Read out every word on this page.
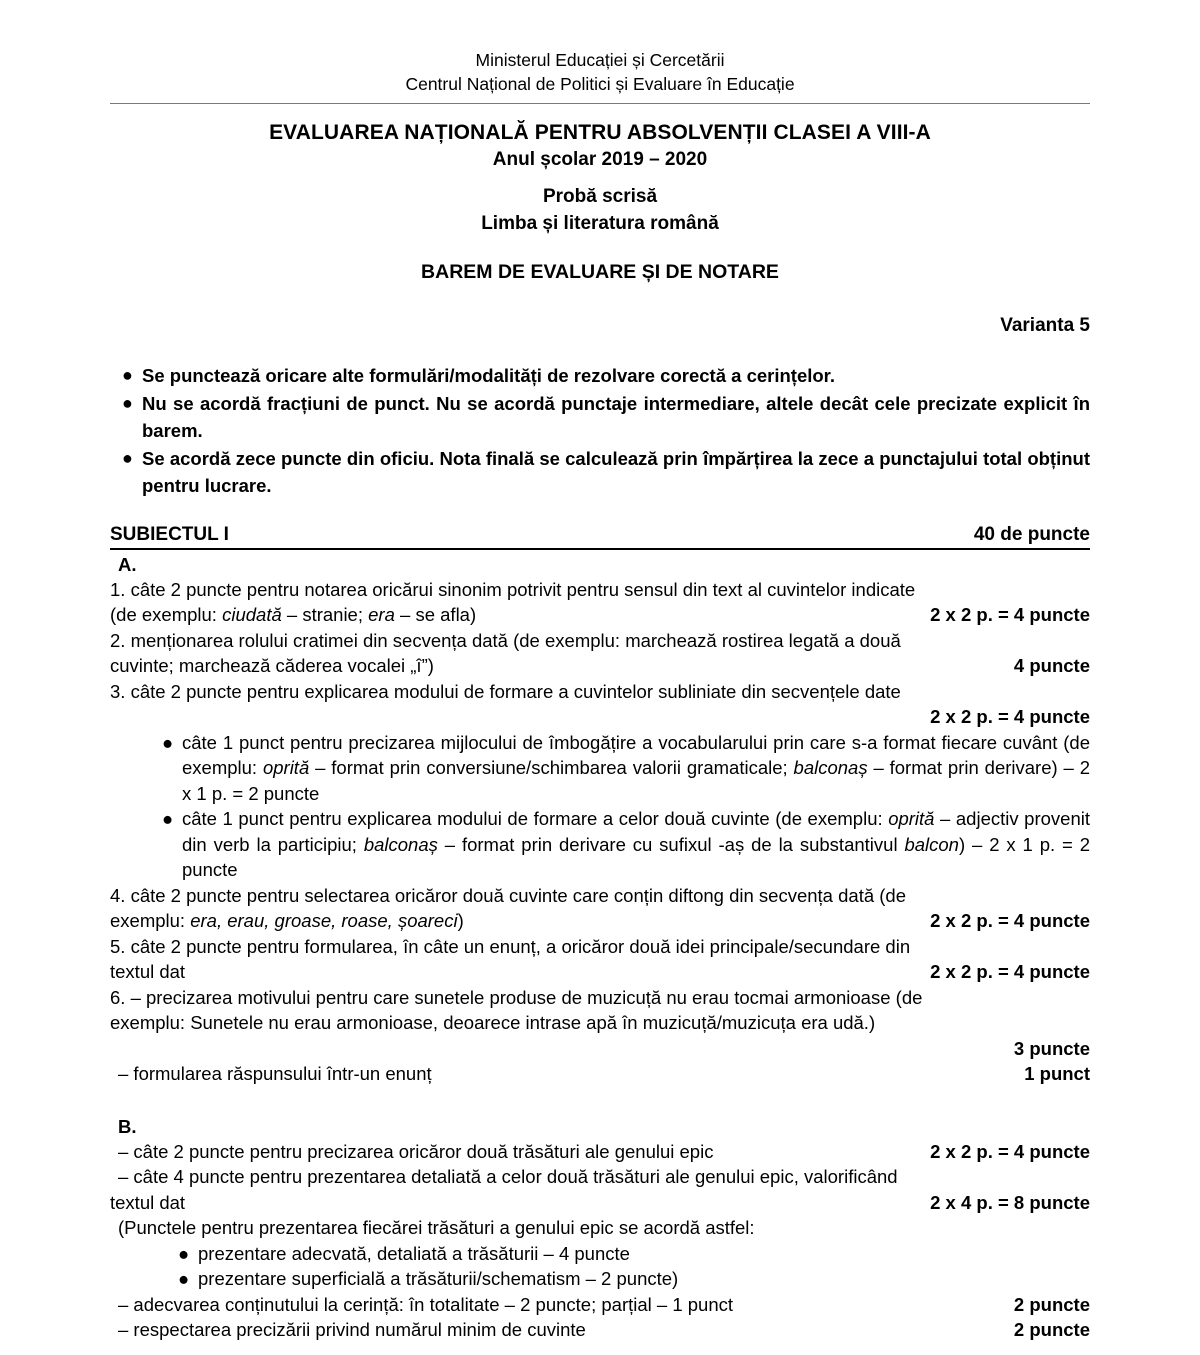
Ministerul Educației și Cercetării
Centrul Național de Politici și Evaluare în Educație
EVALUAREA NAȚIONALĂ PENTRU ABSOLVENȚII CLASEI A VIII-A
Anul școlar 2019 – 2020
Probă scrisă
Limba și literatura română
BAREM DE EVALUARE ȘI DE NOTARE
Varianta 5
● Se punctează oricare alte formulări/modalități de rezolvare corectă a cerințelor.
● Nu se acordă fracțiuni de punct. Nu se acordă punctaje intermediare, altele decât cele precizate explicit în barem.
● Se acordă zece puncte din oficiu. Nota finală se calculează prin împărțirea la zece a punctajului total obținut pentru lucrare.
SUBIECTUL I	40 de puncte
A.
1. câte 2 puncte pentru notarea oricărui sinonim potrivit pentru sensul din text al cuvintelor indicate
(de exemplu: ciudată – stranie; era – se afla)	2 x 2 p. = 4 puncte
2. menționarea rolului cratimei din secvența dată (de exemplu: marchează rostirea legată a două
cuvinte; marchează căderea vocalei „î”)	4 puncte
3. câte 2 puncte pentru explicarea modului de formare a cuvintelor subliniate din secvențele date
2 x 2 p. = 4 puncte
● câte 1 punct pentru precizarea mijlocului de îmbogățire a vocabularului prin care s-a format fiecare cuvânt (de exemplu: oprită – format prin conversiune/schimbarea valorii gramaticale; balconaș – format prin derivare) – 2 x 1 p. = 2 puncte
● câte 1 punct pentru explicarea modului de formare a celor două cuvinte (de exemplu: oprită – adjectiv provenit din verb la participiu; balconaș – format prin derivare cu sufixul -aș de la substantivul balcon) – 2 x 1 p. = 2 puncte
4. câte 2 puncte pentru selectarea oricăror două cuvinte care conțin diftong din secvența dată (de
exemplu: era, erau, groase, roase, șoareci)	2 x 2 p. = 4 puncte
5. câte 2 puncte pentru formularea, în câte un enunț, a oricăror două idei principale/secundare din
textul dat	2 x 2 p. = 4 puncte
6. – precizarea motivului pentru care sunetele produse de muzicuță nu erau tocmai armonioase (de
exemplu: Sunetele nu erau armonioase, deoarece intrase apă în muzicuță/muzicuța era udă.)
3 puncte
– formularea răspunsului într-un enunț	1 punct
B.
– câte 2 puncte pentru precizarea oricăror două trăsături ale genului epic	2 x 2 p. = 4 puncte
– câte 4 puncte pentru prezentarea detaliată a celor două trăsături ale genului epic, valorificând
textul dat	2 x 4 p. = 8 puncte
(Punctele pentru prezentarea fiecărei trăsături a genului epic se acordă astfel:
● prezentare adecvată, detaliată a trăsăturii – 4 puncte
● prezentare superficială a trăsăturii/schematism – 2 puncte)
– adecvarea conținutului la cerință: în totalitate – 2 puncte; parțial – 1 punct	2 puncte
– respectarea precizării privind numărul minim de cuvinte	2 puncte
